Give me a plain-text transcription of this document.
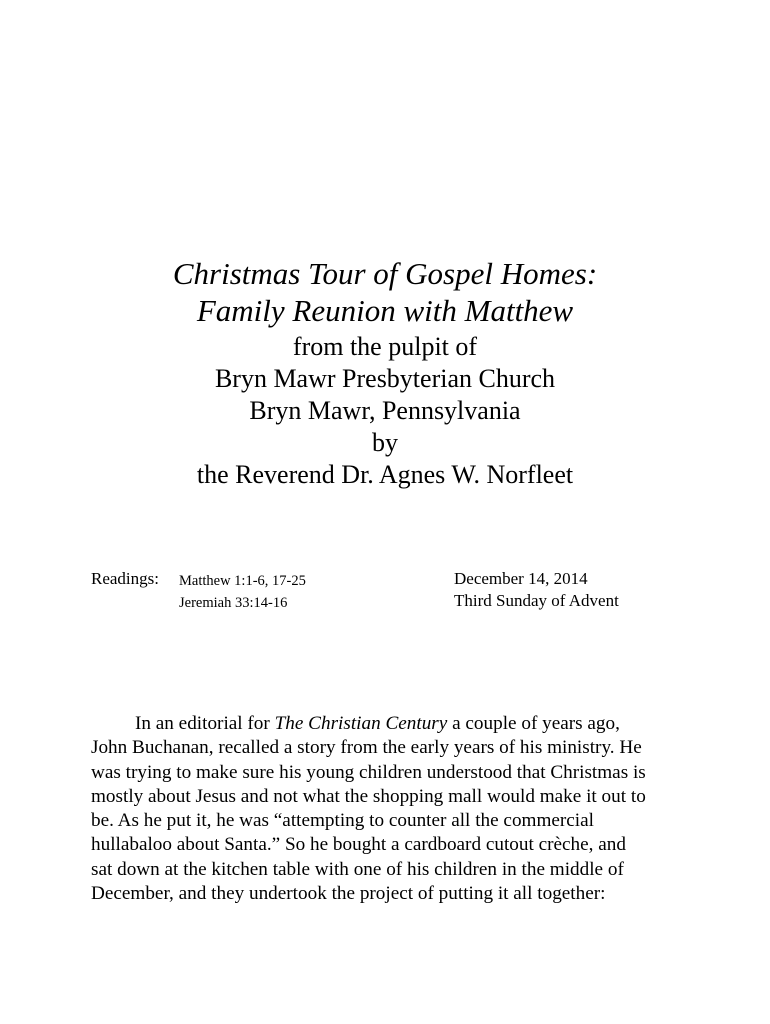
Christmas Tour of Gospel Homes:
Family Reunion with Matthew
from the pulpit of
Bryn Mawr Presbyterian Church
Bryn Mawr, Pennsylvania
by
the Reverend Dr. Agnes W. Norfleet
Readings: Matthew 1:1-6, 17-25
Jeremiah 33:14-16
December 14, 2014
Third Sunday of Advent
In an editorial for The Christian Century a couple of years ago,
John Buchanan, recalled a story from the early years of his ministry. He
was trying to make sure his young children understood that Christmas is
mostly about Jesus and not what the shopping mall would make it out to
be. As he put it, he was “attempting to counter all the commercial
hullabaloo about Santa.” So he bought a cardboard cutout crèche, and
sat down at the kitchen table with one of his children in the middle of
December, and they undertook the project of putting it all together:
